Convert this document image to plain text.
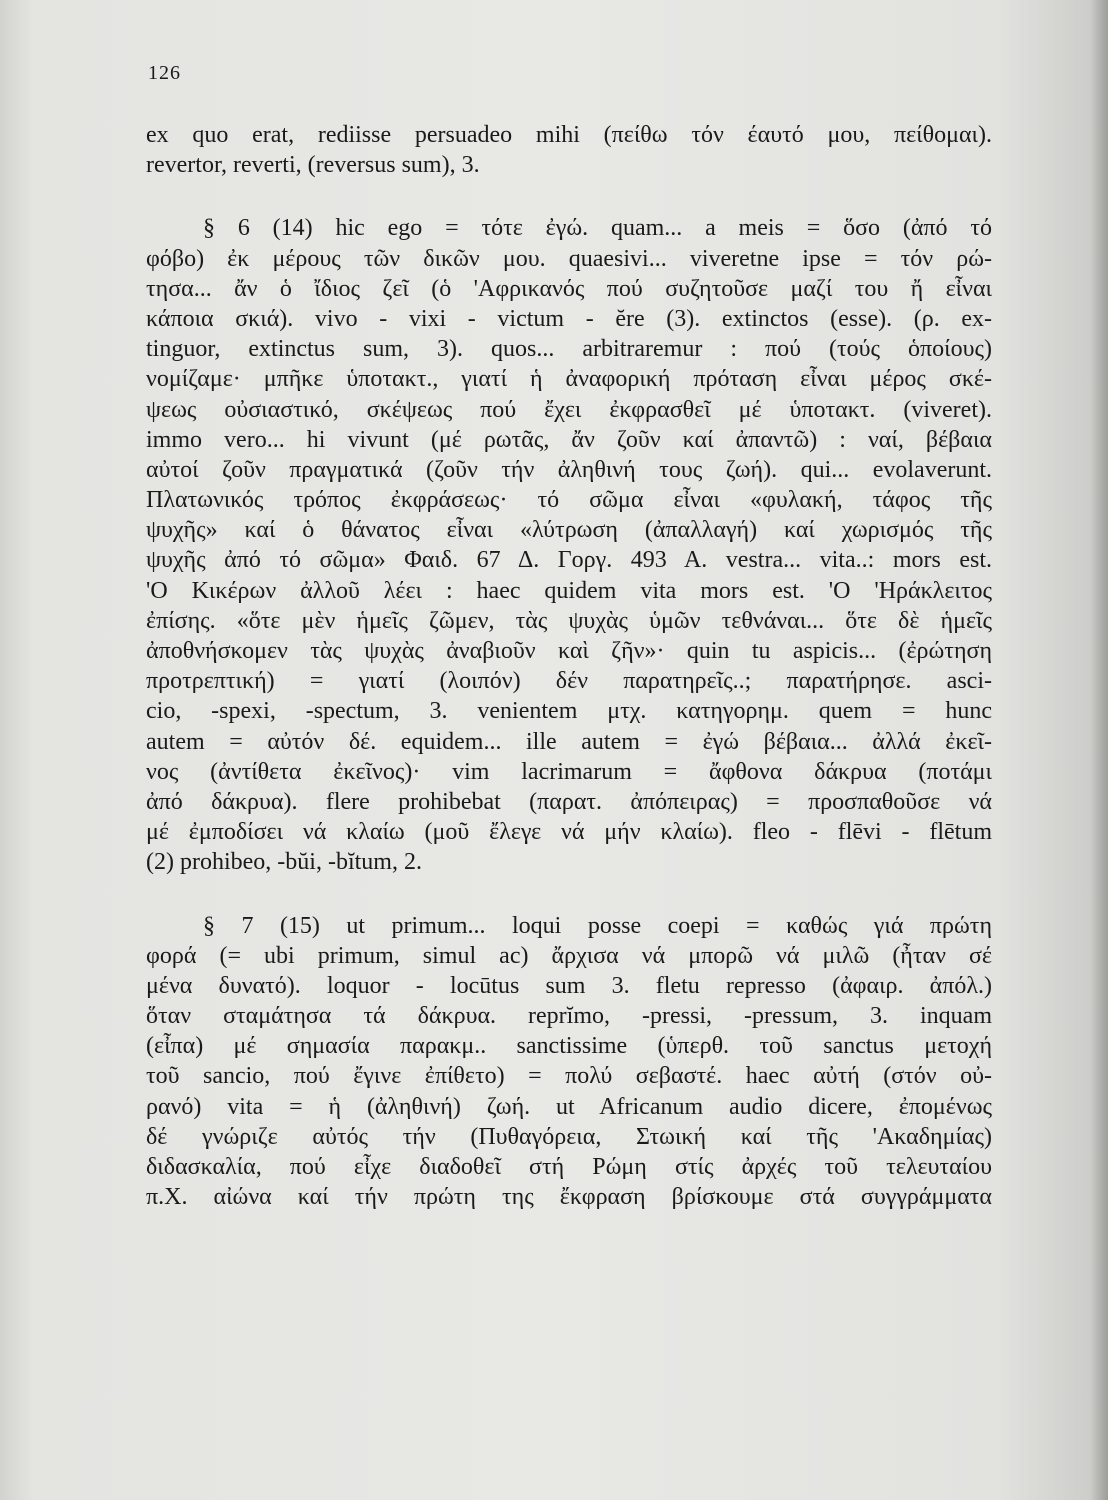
126
ex quo erat, rediisse persuadeo mihi (πείθω τόν έαυτό μου, πείθομαι).
revertor, reverti, (reversus sum), 3.
§ 6 (14) hic ego = τότε ἐγώ. quam... a meis = ὅσο (ἀπό τό
φόβο) ἐκ μέρους τῶν δικῶν μου. quaesivi... viveretne ipse = τόν ρώ-
τησα... ἄν ὁ ἴδιος ζεῖ (ὁ 'Αφρικανός πού συζητοῦσε μαζί του ἤ εἶναι
κάποια σκιά). vivo - vixi - victum - ĕre (3). extinctos (esse). (ρ. ex-
tinguor, extinctus sum, 3). quos... arbitraremur : πού (τούς ὁποίους)
νομίζαμε· μπῆκε ὑποτακτ., γιατί ἡ ἀναφορική πρόταση εἶναι μέρος σκέ-
ψεως οὐσιαστικό, σκέψεως πού ἔχει ἐκφρασθεῖ μέ ὑποτακτ. (viveret).
immo vero... hi vivunt (μέ ρωτᾶς, ἄν ζοῦν καί ἀπαντῶ) : ναί, βέβαια
αὐτοί ζοῦν πραγματικά (ζοῦν τήν ἀληθινή τους ζωή). qui... evolaverunt.
Πλατωνικός τρόπος ἐκφράσεως· τό σῶμα εἶναι «φυλακή, τάφος τῆς
ψυχῆς» καί ὁ θάνατος εἶναι «λύτρωση (ἀπαλλαγή) καί χωρισμός τῆς
ψυχῆς ἀπό τό σῶμα» Φαιδ. 67 Δ. Γοργ. 493 Α. vestra... vita..: mors est.
'Ο Κικέρων ἀλλοῦ λέει : haec quidem vita mors est. 'Ο 'Ηράκλειτος
ἐπίσης. «ὅτε μὲν ἡμεῖς ζῶμεν, τὰς ψυχὰς ὑμῶν τεθνάναι... ὅτε δὲ ἡμεῖς
ἀποθνήσκομεν τὰς ψυχὰς ἀναβιοῦν καὶ ζῆν»· quin tu aspicis... (ἐρώτηση
προτρεπτική) = γιατί (λοιπόν) δέν παρατηρεῖς..; παρατήρησε. asci-
cio, -spexi, -spectum, 3. venientem μτχ. κατηγορημ. quem = hunc
autem = αὐτόν δέ. equidem... ille autem = ἐγώ βέβαια... ἀλλά ἐκεῖ-
νος (ἀντίθετα ἐκεῖνος)· vim lacrimarum = ἄφθονα δάκρυα (ποτάμι
ἀπό δάκρυα). flere prohibebat (παρατ. ἀπόπειρας) = προσπαθοῦσε νά
μέ ἐμποδίσει νά κλαίω (μοῦ ἔλεγε νά μήν κλαίω). fleo - flēvi - flētum
(2) prohibeo, -bŭi, -bĭtum, 2.
§ 7 (15) ut primum... loqui posse coepi = καθώς γιά πρώτη
φορά (= ubi primum, simul ac) ἄρχισα νά μπορῶ νά μιλῶ (ἦταν σέ
μένα δυνατό). loquor - locūtus sum 3. fletu represso (ἀφαιρ. ἀπόλ.)
ὅταν σταμάτησα τά δάκρυα. reprĭmo, -pressi, -pressum, 3. inquam
(εἶπα) μέ σημασία παρακμ.. sanctissime (ὑπερθ. τοῦ sanctus μετοχή
τοῦ sancio, πού ἔγινε ἐπίθετο) = πολύ σεβαστέ. haec αὐτή (στόν οὐ-
ρανό) vita = ἡ (ἀληθινή) ζωή. ut Africanum audio dicere, ἐπομένως
δέ γνώριζε αὐτός τήν (Πυθαγόρεια, Στωική καί τῆς 'Ακαδημίας)
διδασκαλία, πού εἶχε διαδοθεῖ στή Ρώμη στίς ἀρχές τοῦ τελευταίου
π.Χ. αἰώνα καί τήν πρώτη της ἔκφραση βρίσκουμε στά συγγράμματα
